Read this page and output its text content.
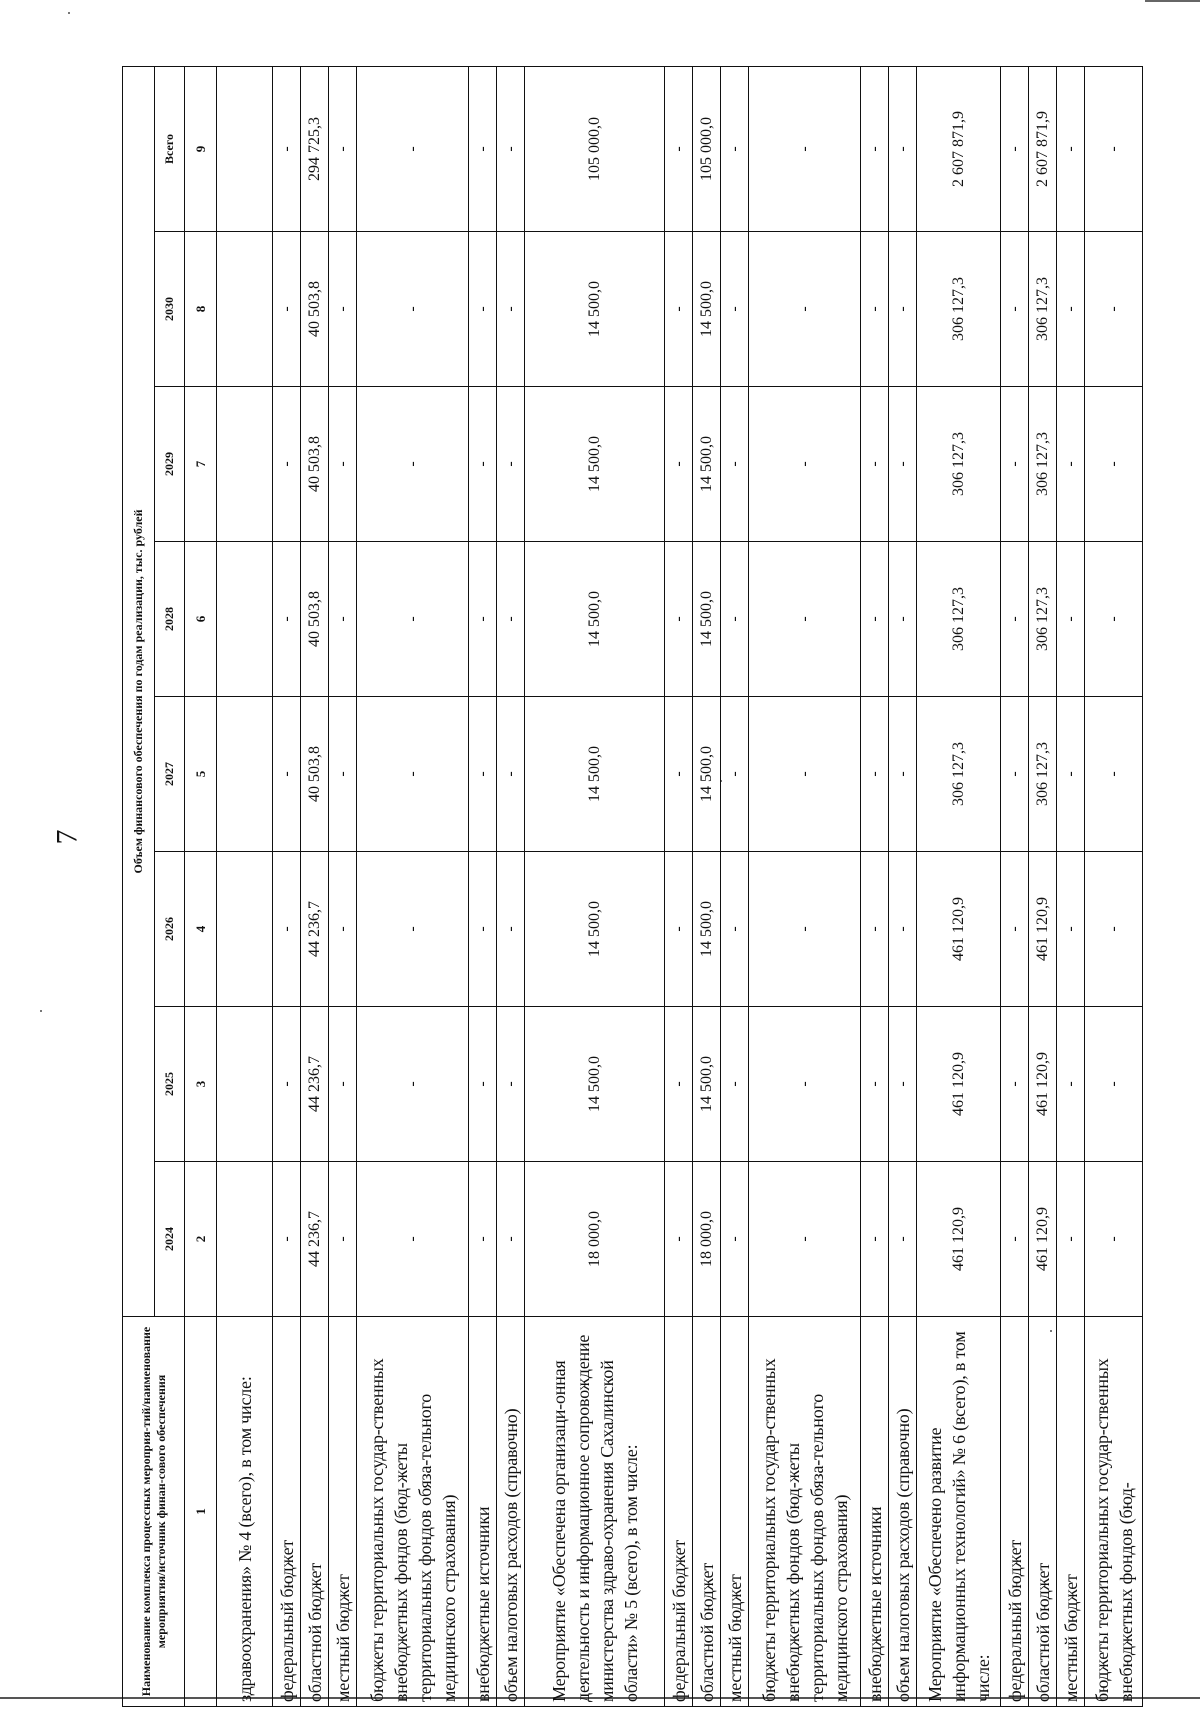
7
Наименование комплекса процессных мероприя-тий/наименование мероприятия/источник финан-сового обеспечения	Объем финансового обеспечения по годам реализации, тыс. рублей							
	2024	2025	2026	2027	2028	2029	2030	Всего
1	2	3	4	5	6	7	8	9
здравоохранения» № 4 (всего), в том числе:								
федеральный бюджет	-	-	-	-	-	-	-	-
областной бюджет	44 236,7	44 236,7	44 236,7	40 503,8	40 503,8	40 503,8	40 503,8	294 725,3
местный бюджет	-	-	-	-	-	-	-	-
бюджеты территориальных государ-ственных внебюджетных фондов (бюд-жеты территориальных фондов обяза-тельного медицинского страхования)	-	-	-	-	-	-	-	-
внебюджетные источники	-	-	-	-	-	-	-	-
объем налоговых расходов (справочно)	-	-	-	-	-	-	-	-
Мероприятие «Обеспечена организаци-онная деятельность и информационное сопровождение министерства здраво-охранения Сахалинской области» № 5 (всего), в том числе:	18 000,0	14 500,0	14 500,0	14 500,0	14 500,0	14 500,0	14 500,0	105 000,0
федеральный бюджет	-	-	-	-	-	-	-	-
областной бюджет	18 000,0	14 500,0	14 500,0	14 500,0	14 500,0	14 500,0	14 500,0	105 000,0
местный бюджет	-	-	-	-	-	-	-	-
бюджеты территориальных государ-ственных внебюджетных фондов (бюд-жеты территориальных фондов обяза-тельного медицинского страхования)	-	-	-	-	-	-	-	-
внебюджетные источники	-	-	-	-	-	-	-	-
объем налоговых расходов (справочно)	-	-	-	-	-	-	-	-
Мероприятие «Обеспечено развитие информационных технологий» № 6 (всего), в том числе:	461 120,9	461 120,9	461 120,9	306 127,3	306 127,3	306 127,3	306 127,3	2 607 871,9
федеральный бюджет	-	-	-	-	-	-	-	-
областной бюджет	461 120,9	461 120,9	461 120,9	306 127,3	306 127,3	306 127,3	306 127,3	2 607 871,9
местный бюджет	-	-	-	-	-	-	-	-
бюджеты территориальных государ-ственных внебюджетных фондов (бюд-	-	-	-	-	-	-	-	-
